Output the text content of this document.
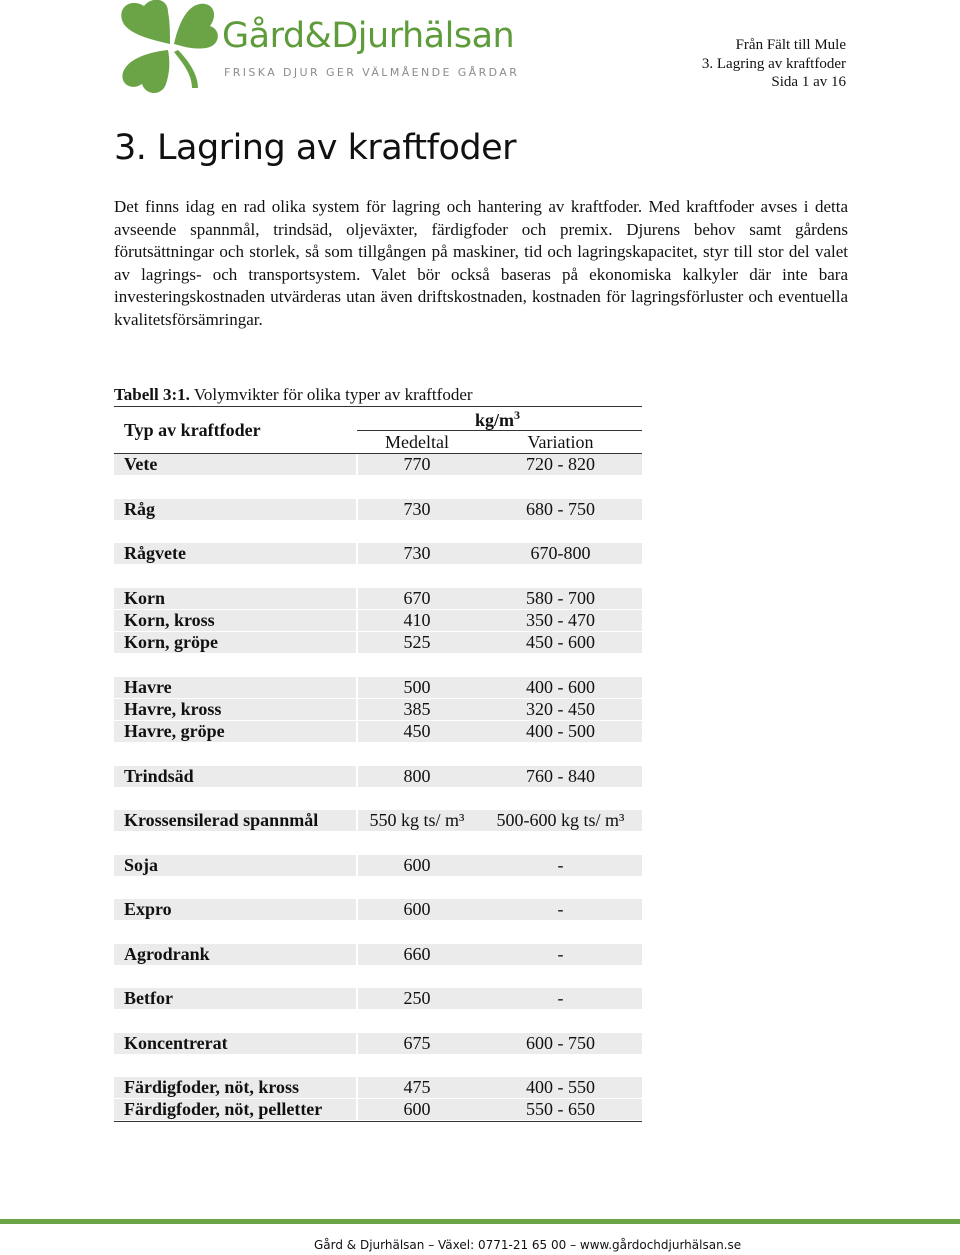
Gård&Djurhälsan
FRISKA DJUR GER VÄLMÅENDE GÅRDAR
Från Fält till Mule
3. Lagring av kraftfoder
Sida 1 av 16
3. Lagring av kraftfoder

Det finns idag en rad olika system för lagring och hantering av kraftfoder. Med kraftfoder avses i detta avseende spannmål, trindsäd, oljeväxter, färdigfoder och premix. Djurens behov samt gårdens förutsättningar och storlek, så som tillgången på maskiner, tid och lagringskapacitet, styr till stor del valet av lagrings- och transportsystem. Valet bör också baseras på ekonomiska kalkyler där inte bara investeringskostnaden utvärderas utan även driftskostnaden, kostnaden för lagringsförluster och eventuella kvalitetsförsämringar.

Tabell 3:1. Volymvikter för olika typer av kraftfoder
Typ av kraftfoder	$kg/m^3$
Medeltal	Variation
Vete	770	720 - 820
Råg	730	680 - 750
Rågvete	730	670-800
Korn	670	580 - 700
Korn, kross	410	350 - 470
Korn, gröpe	525	450 - 600
Havre	500	400 - 600
Havre, kross	385	320 - 450
Havre, gröpe	450	400 - 500
Trindsäd	800	760 - 840
Krossensilerad spannmål	550 kg ts/ m³	500-600 kg ts/ m³
Soja	600	-
Expro	600	-
Agrodrank	660	-
Betfor	250	-
Koncentrerat	675	600 - 750
Färdigfoder, nöt, kross	475	400 - 550
Färdigfoder, nöt, pelletter	600	550 - 650
Gård & Djurhälsan – Växel: 0771-21 65 00 – www.gårdochdjurhälsan.se
